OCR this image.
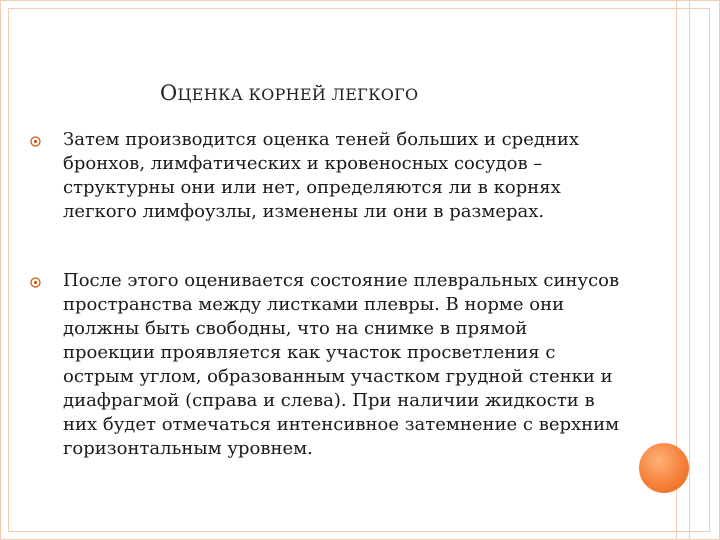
ОЦЕНКА КОРНЕЙ ЛЕГКОГО
Затем производится оценка теней больших и средних бронхов, лимфатических и кровеносных сосудов – структурны они или нет, определяются ли в корнях легкого лимфоузлы, изменены ли они в размерах.
После этого оценивается состояние плевральных синусов пространства между листками плевры. В норме они должны быть свободны, что на снимке в прямой проекции проявляется как участок просветления с острым углом, образованным участком грудной стенки и диафрагмой (справа и слева). При наличии жидкости в них будет отмечаться интенсивное затемнение с верхним горизонтальным уровнем.
